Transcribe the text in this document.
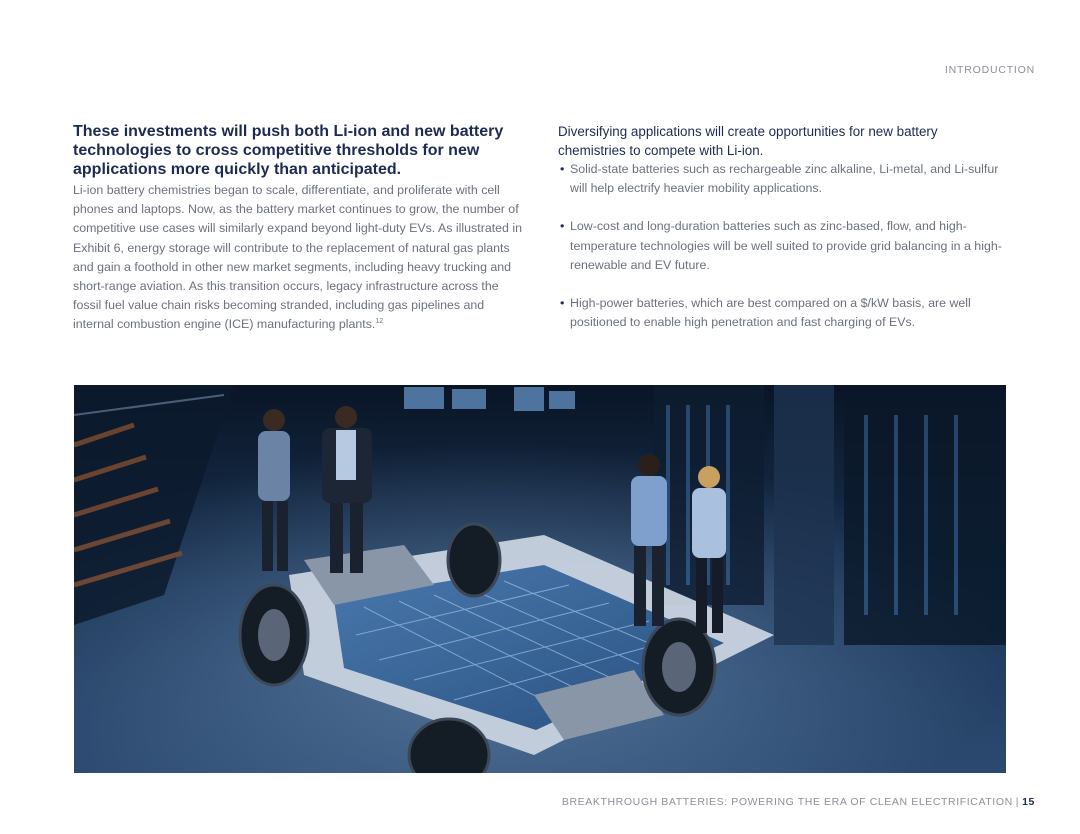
INTRODUCTION
These investments will push both Li-ion and new battery technologies to cross competitive thresholds for new applications more quickly than anticipated.

Li-ion battery chemistries began to scale, differentiate, and proliferate with cell phones and laptops. Now, as the battery market continues to grow, the number of competitive use cases will similarly expand beyond light-duty EVs. As illustrated in Exhibit 6, energy storage will contribute to the replacement of natural gas plants and gain a foothold in other new market segments, including heavy trucking and short-range aviation. As this transition occurs, legacy infrastructure across the fossil fuel value chain risks becoming stranded, including gas pipelines and internal combustion engine (ICE) manufacturing plants.$^{12}$

Diversifying applications will create opportunities for new battery chemistries to compete with Li-ion.

• Solid-state batteries such as rechargeable zinc alkaline, Li-metal, and Li-sulfur will help electrify heavier mobility applications.
• Low-cost and long-duration batteries such as zinc-based, flow, and high-temperature technologies will be well suited to provide grid balancing in a high-renewable and EV future.
• High-power batteries, which are best compared on a $/kW basis, are well positioned to enable high penetration and fast charging of EVs.
BREAKTHROUGH BATTERIES: POWERING THE ERA OF CLEAN ELECTRIFICATION | 15
